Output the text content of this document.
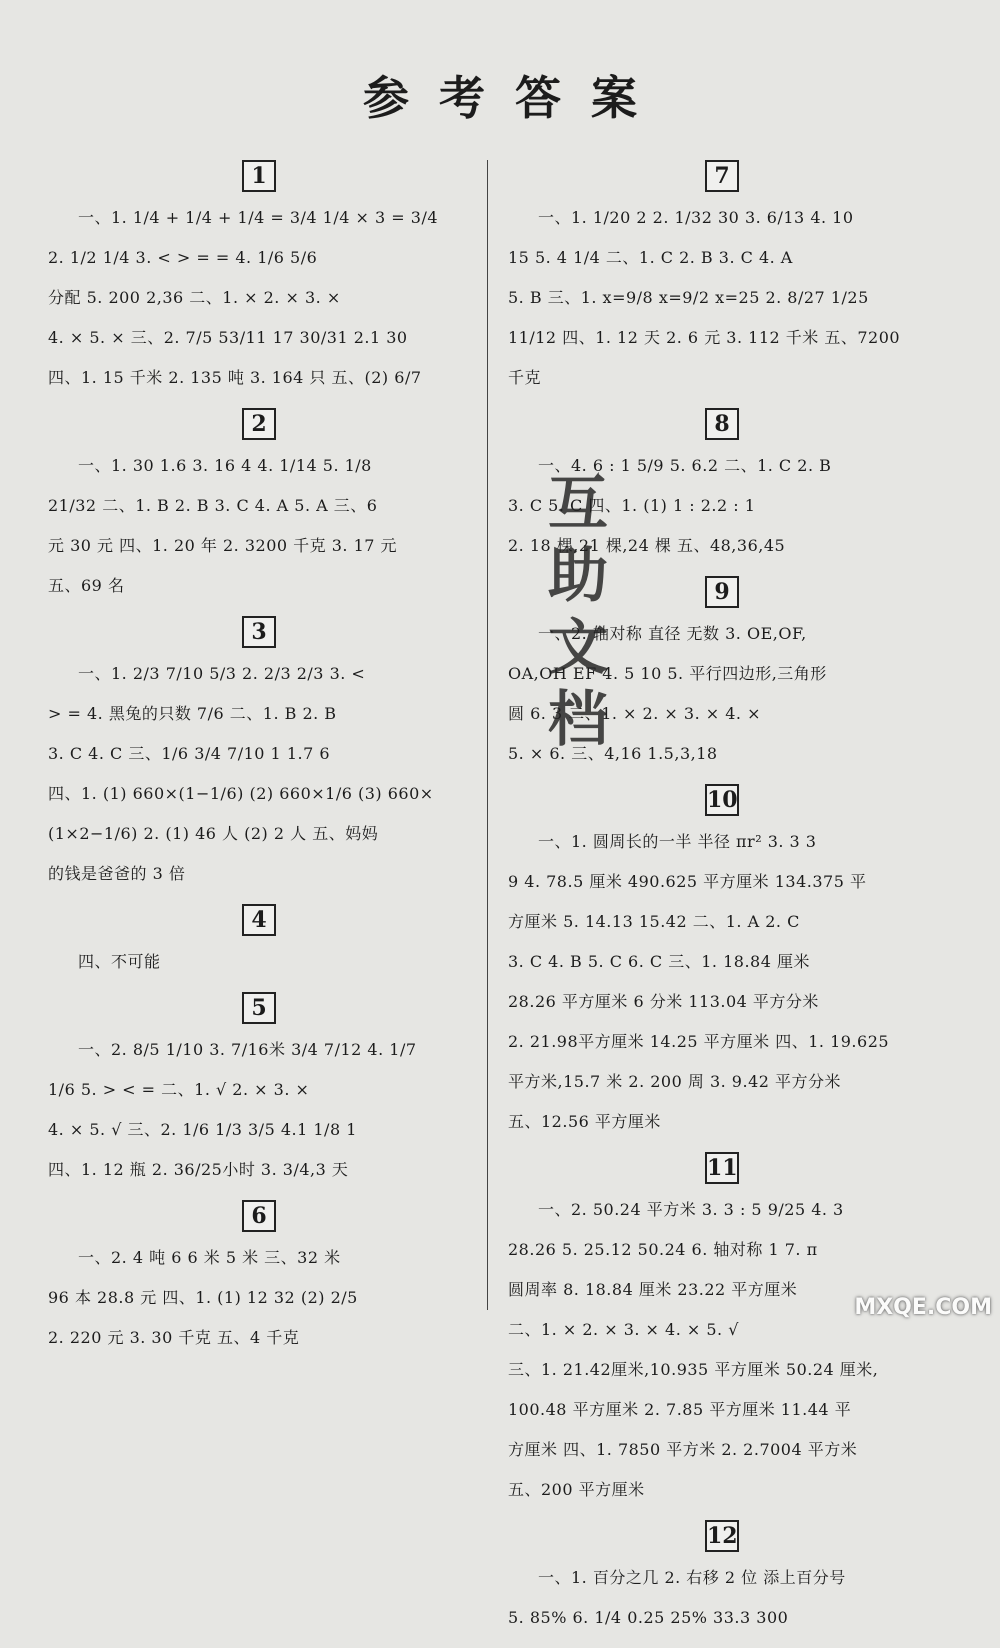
参考答案
1
一、1. 1/4 + 1/4 + 1/4 = 3/4 1/4 × 3 = 3/4
2. 1/2 1/4 3. < > = = 4. 1/6 5/6
分配 5. 200 2,36 二、1. × 2. × 3. ×
4. × 5. × 三、2. 7/5 53/11 17 30/31 2.1 30
四、1. 15 千米 2. 135 吨 3. 164 只 五、(2) 6/7
2
一、1. 30 1.6 3. 16 4 4. 1/14 5. 1/8
21/32 二、1. B 2. B 3. C 4. A 5. A 三、6
元 30 元 四、1. 20 年 2. 3200 千克 3. 17 元
五、69 名
3
一、1. 2/3 7/10 5/3 2. 2/3 2/3 3. <
> = 4. 黑兔的只数 7/6 二、1. B 2. B
3. C 4. C 三、1/6 3/4 7/10 1 1.7 6
四、1. (1) 660×(1−1/6) (2) 660×1/6 (3) 660×
(1×2−1/6) 2. (1) 46 人 (2) 2 人 五、妈妈
的钱是爸爸的 3 倍
4
四、不可能
5
一、2. 8/5 1/10 3. 7/16米 3/4 7/12 4. 1/7
1/6 5. > < = 二、1. √ 2. × 3. ×
4. × 5. √ 三、2. 1/6 1/3 3/5 4.1 1/8 1
四、1. 12 瓶 2. 36/25小时 3. 3/4,3 天
6
一、2. 4 吨 6 6 米 5 米 三、32 米
96 本 28.8 元 四、1. (1) 12 32 (2) 2/5
2. 220 元 3. 30 千克 五、4 千克
7
一、1. 1/20 2 2. 1/32 30 3. 6/13 4. 10
15 5. 4 1/4 二、1. C 2. B 3. C 4. A
5. B 三、1. x=9/8 x=9/2 x=25 2. 8/27 1/25
11/12 四、1. 12 天 2. 6 元 3. 112 千米 五、7200
千克
8
一、4. 6 : 1 5/9 5. 6.2 二、1. C 2. B
3. C 5. C 四、1. (1) 1 : 2.2 : 1
2. 18 棵,21 棵,24 棵 五、48,36,45
9
一、2. 轴对称 直径 无数 3. OE,OF,
OA,OH EF 4. 5 10 5. 平行四边形,三角形
圆 6. 3 二、1. × 2. × 3. × 4. ×
5. × 6. 三、4,16 1.5,3,18
10
一、1. 圆周长的一半 半径 πr² 3. 3 3
9 4. 78.5 厘米 490.625 平方厘米 134.375 平
方厘米 5. 14.13 15.42 二、1. A 2. C
3. C 4. B 5. C 6. C 三、1. 18.84 厘米
28.26 平方厘米 6 分米 113.04 平方分米
2. 21.98平方厘米 14.25 平方厘米 四、1. 19.625
平方米,15.7 米 2. 200 周 3. 9.42 平方分米
五、12.56 平方厘米
11
一、2. 50.24 平方米 3. 3 : 5 9/25 4. 3
28.26 5. 25.12 50.24 6. 轴对称 1 7. π
圆周率 8. 18.84 厘米 23.22 平方厘米
二、1. × 2. × 3. × 4. × 5. √
三、1. 21.42厘米,10.935 平方厘米 50.24 厘米,
100.48 平方厘米 2. 7.85 平方厘米 11.44 平
方厘米 四、1. 7850 平方米 2. 2.7004 平方米
五、200 平方厘米
12
一、1. 百分之几 2. 右移 2 位 添上百分号
5. 85% 6. 1/4 0.25 25% 33.3 300
互助文档
MXQE.COM
